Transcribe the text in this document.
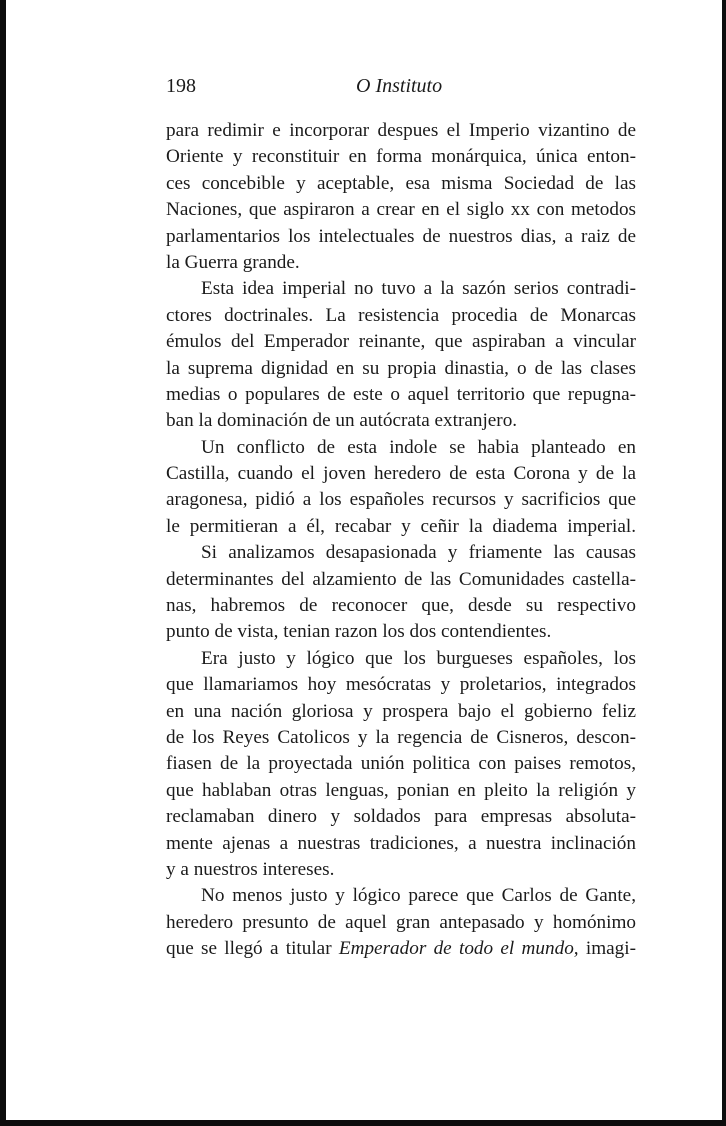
198	O Instituto
para redimir e incorporar despues el Imperio vizantino de
Oriente y reconstituir en forma monárquica, única enton-
ces concebible y aceptable, esa misma Sociedad de las
Naciones, que aspiraron a crear en el siglo xx con metodos
parlamentarios los intelectuales de nuestros dias, a raiz de
la Guerra grande.
Esta idea imperial no tuvo a la sazón serios contradi-
ctores doctrinales. La resistencia procedia de Monarcas
émulos del Emperador reinante, que aspiraban a vincular
la suprema dignidad en su propia dinastia, o de las clases
medias o populares de este o aquel territorio que repugna-
ban la dominación de un autócrata extranjero.
Un conflicto de esta indole se habia planteado en
Castilla, cuando el joven heredero de esta Corona y de la
aragonesa, pidió a los españoles recursos y sacrificios que
le permitieran a él, recabar y ceñir la diadema imperial.
Si analizamos desapasionada y friamente las causas
determinantes del alzamiento de las Comunidades castella-
nas, habremos de reconocer que, desde su respectivo
punto de vista, tenian razon los dos contendientes.
Era justo y lógico que los burgueses españoles, los
que llamariamos hoy mesócratas y proletarios, integrados
en una nación gloriosa y prospera bajo el gobierno feliz
de los Reyes Catolicos y la regencia de Cisneros, descon-
fiasen de la proyectada unión politica con paises remotos,
que hablaban otras lenguas, ponian en pleito la religión y
reclamaban dinero y soldados para empresas absoluta-
mente ajenas a nuestras tradiciones, a nuestra inclinación
y a nuestros intereses.
No menos justo y lógico parece que Carlos de Gante,
heredero presunto de aquel gran antepasado y homónimo
que se llegó a titular Emperador de todo el mundo, imagi-
